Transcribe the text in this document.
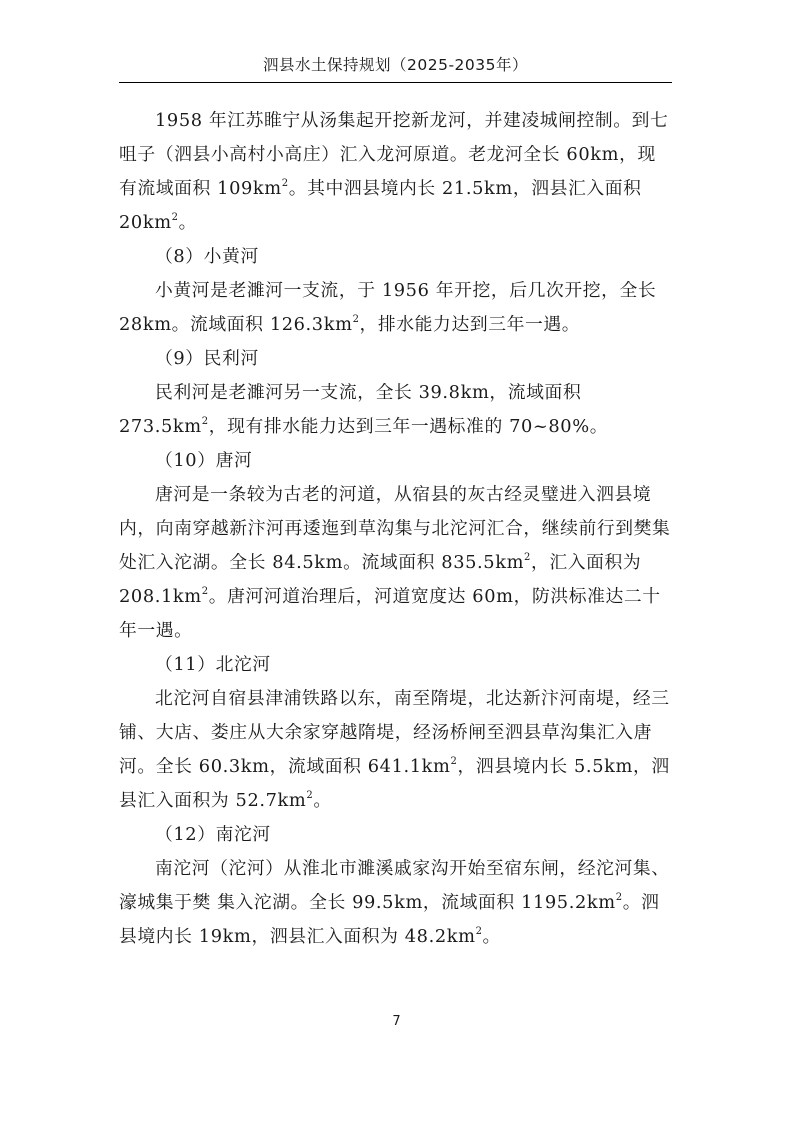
泗县水土保持规划（2025-2035年）

1958 年江苏睢宁从汤集起开挖新龙河，并建凌城闸控制。到七咀子（泗县小高村小高庄）汇入龙河原道。老龙河全长 60km，现有流域面积 $109km^2$。其中泗县境内长 21.5km，泗县汇入面积 $20km^2$。

（8）小黄河

小黄河是老濉河一支流，于 1956 年开挖，后几次开挖，全长 28km。流域面积 $126.3km^2$，排水能力达到三年一遇。

（9）民利河

民利河是老濉河另一支流，全长 39.8km，流域面积 $273.5km^2$，现有排水能力达到三年一遇标准的 70~80%。

（10）唐河

唐河是一条较为古老的河道，从宿县的灰古经灵璧进入泗县境内，向南穿越新汴河再逶迤到草沟集与北沱河汇合，继续前行到樊集处汇入沱湖。全长 84.5km。流域面积 $835.5km^2$，汇入面积为 $208.1km^2$。唐河河道治理后，河道宽度达 60m，防洪标准达二十年一遇。

（11）北沱河

北沱河自宿县津浦铁路以东，南至隋堤，北达新汴河南堤，经三铺、大店、娄庄从大余家穿越隋堤，经汤桥闸至泗县草沟集汇入唐河。全长 60.3km，流域面积 $641.1km^2$，泗县境内长 5.5km，泗县汇入面积为 $52.7km^2$。

（12）南沱河

南沱河（沱河）从淮北市濉溪戚家沟开始至宿东闸，经沱河集、濠城集于樊 集入沱湖。全长 99.5km，流域面积 $1195.2km^2$。泗县境内长 19km，泗县汇入面积为 $48.2km^2$。

7
